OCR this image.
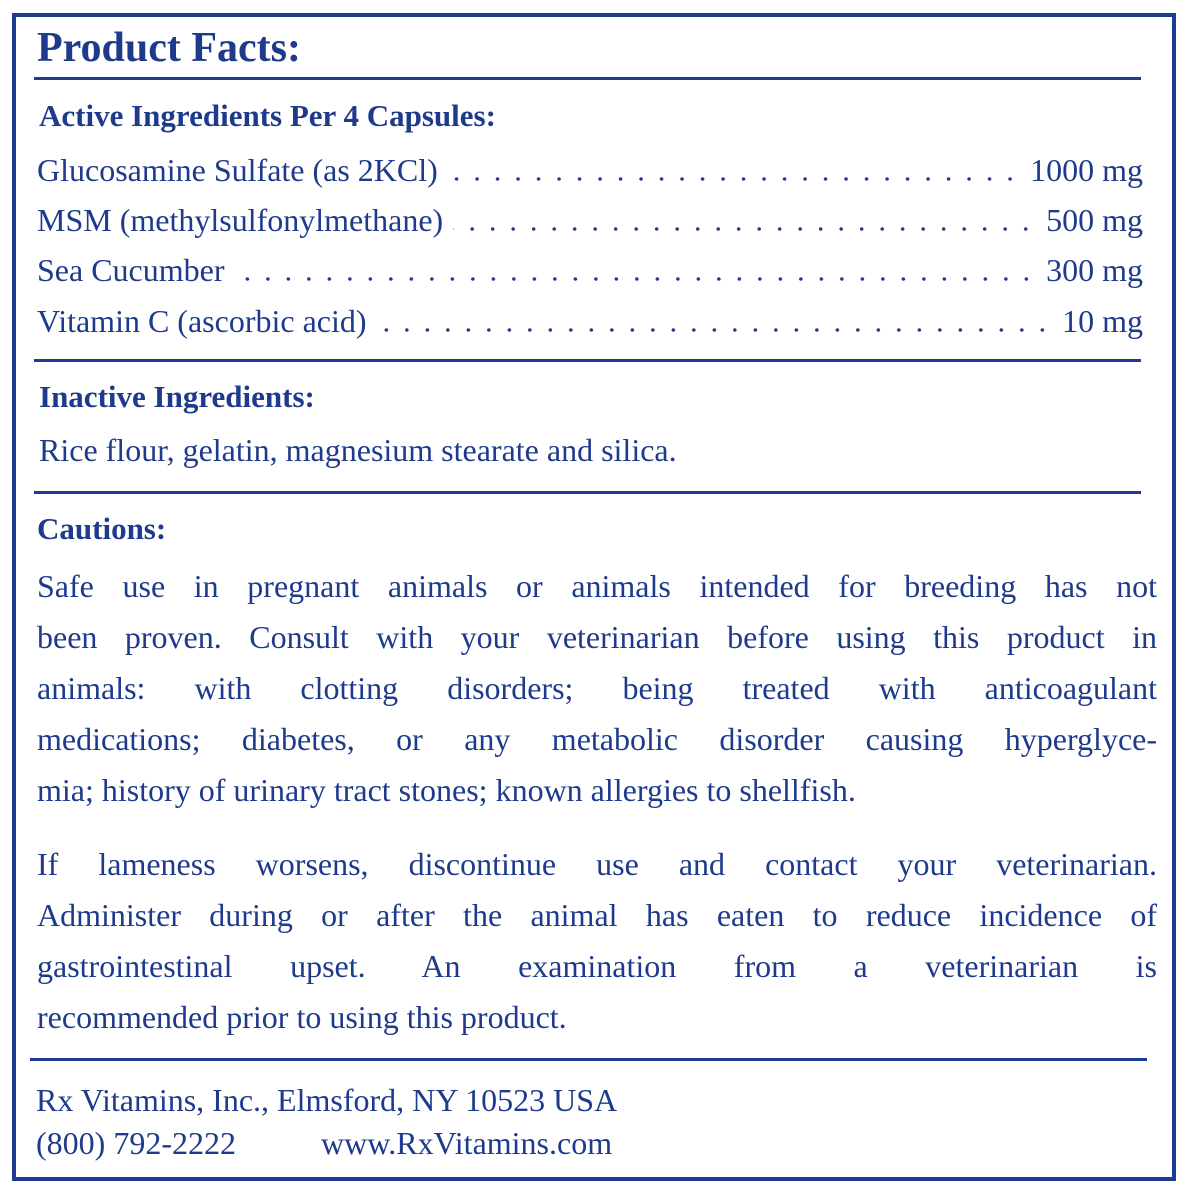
Product Facts:
Active Ingredients Per 4 Capsules:
Glucosamine Sulfate (as 2KCl)	1000 mg
MSM (methylsulfonylmethane)	500 mg
Sea Cucumber	300 mg
Vitamin C (ascorbic acid)	10 mg
Inactive Ingredients:
Rice flour, gelatin, magnesium stearate and silica.
Cautions:
Safe use in pregnant animals or animals intended for breeding has not
been proven. Consult with your veterinarian before using this product in
animals: with clotting disorders; being treated with anticoagulant
medications; diabetes, or any metabolic disorder causing hyperglyce-
mia; history of urinary tract stones; known allergies to shellfish.
If lameness worsens, discontinue use and contact your veterinarian.
Administer during or after the animal has eaten to reduce incidence of
gastrointestinal upset. An examination from a veterinarian is
recommended prior to using this product.
Rx Vitamins, Inc., Elmsford, NY 10523 USA
(800) 792-2222	www.RxVitamins.com
